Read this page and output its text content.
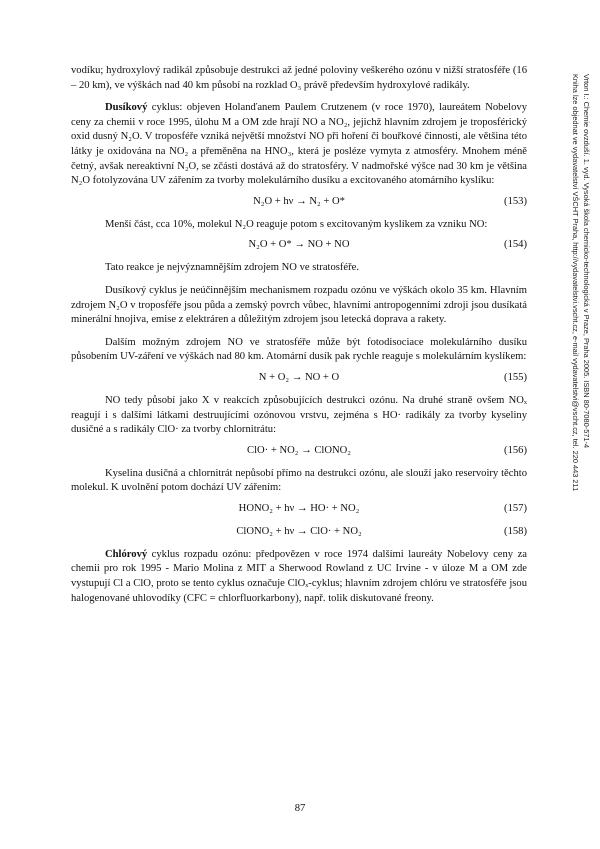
Vrton I.: Chemie ovzduší. 1. vyd. Vysoká škola chemicko-technologická v Praze, Praha 2005. ISBN 80-7080-571-4
Kniha lze objednat ve vydavatelství VŠCHT Praha, http://vydavatelstvi.vscht.cz, e-mail vydavatelstvi@vscht.cz, tel. 220 443 211

vodíku; hydroxylový radikál způsobuje destrukci až jedné poloviny veškerého ozónu v nižší stratosféře (16 – 20 km), ve výškách nad 40 km působí na rozklad O₃ právě především hydroxylové radikály.

Dusíkový cyklus: objeven Holanďanem Paulem Crutzenem (v roce 1970), laureátem Nobelovy ceny za chemii v roce 1995, úlohu M a OM zde hrají NO a NO₂, jejichž hlavním zdrojem je troposférický oxid dusný N₂O. V troposféře vzniká největší množství NO při hoření či bouřkové činnosti, ale většina této látky je oxidována na NO₂ a přeměněna na HNO₃, která je posléze vymyta z atmosféry. Mnohem méně četný, avšak nereaktivní N₂O, se zčásti dostává až do stratosféry. V nadmořské výšce nad 30 km je většina N₂O fotolyzována UV zářením za tvorby molekulárního dusíku a excitovaného atomárního kyslíku:

N₂O + hν → N₂ + O*	(153)

Menší část, cca 10%, molekul N₂O reaguje potom s excitovaným kyslíkem za vzniku NO:

N₂O + O* → NO + NO	(154)

Tato reakce je nejvýznamnějším zdrojem NO ve stratosféře.

Dusíkový cyklus je neúčinnějším mechanismem rozpadu ozónu ve výškách okolo 35 km. Hlavním zdrojem N₂O v troposféře jsou půda a zemský povrch vůbec, hlavními antropogenními zdroji jsou dusíkatá minerální hnojiva, emise z elektráren a důležitým zdrojem jsou letecká doprava a rakety.

Dalším možným zdrojem NO ve stratosféře může být fotodisociace molekulárního dusíku působením UV-záření ve výškách nad 80 km. Atomární dusík pak rychle reaguje s molekulárním kyslíkem:

N + O₂ → NO + O	(155)

NO tedy působí jako X v reakcích způsobujících destrukci ozónu. Na druhé straně ovšem NOₓ reagují i s dalšími látkami destruujícími ozónovou vrstvu, zejména s HO· radikály za tvorby kyseliny dusičné a s radikály ClO· za tvorby chlornitrátu:

ClO· + NO₂ → ClONO₂	(156)

Kyselina dusičná a chlornitrát nepůsobí přímo na destrukci ozónu, ale slouží jako reservoiry těchto molekul. K uvolnění potom dochází UV zářením:

HONO₂ + hν → HO· + NO₂	(157)
ClONO₂ + hν → ClO· + NO₂	(158)

Chlórový cyklus rozpadu ozónu: předpovězen v roce 1974 dalšími laureáty Nobelovy ceny za chemii pro rok 1995 - Mario Molina z MIT a Sherwood Rowland z UC Irvine - v úloze M a OM zde vystupují Cl a ClO, proto se tento cyklus označuje ClOₓ-cyklus; hlavním zdrojem chlóru ve stratosféře jsou halogenované uhlovodíky (CFC = chlorfluorkarbony), např. tolik diskutované freony.

87
